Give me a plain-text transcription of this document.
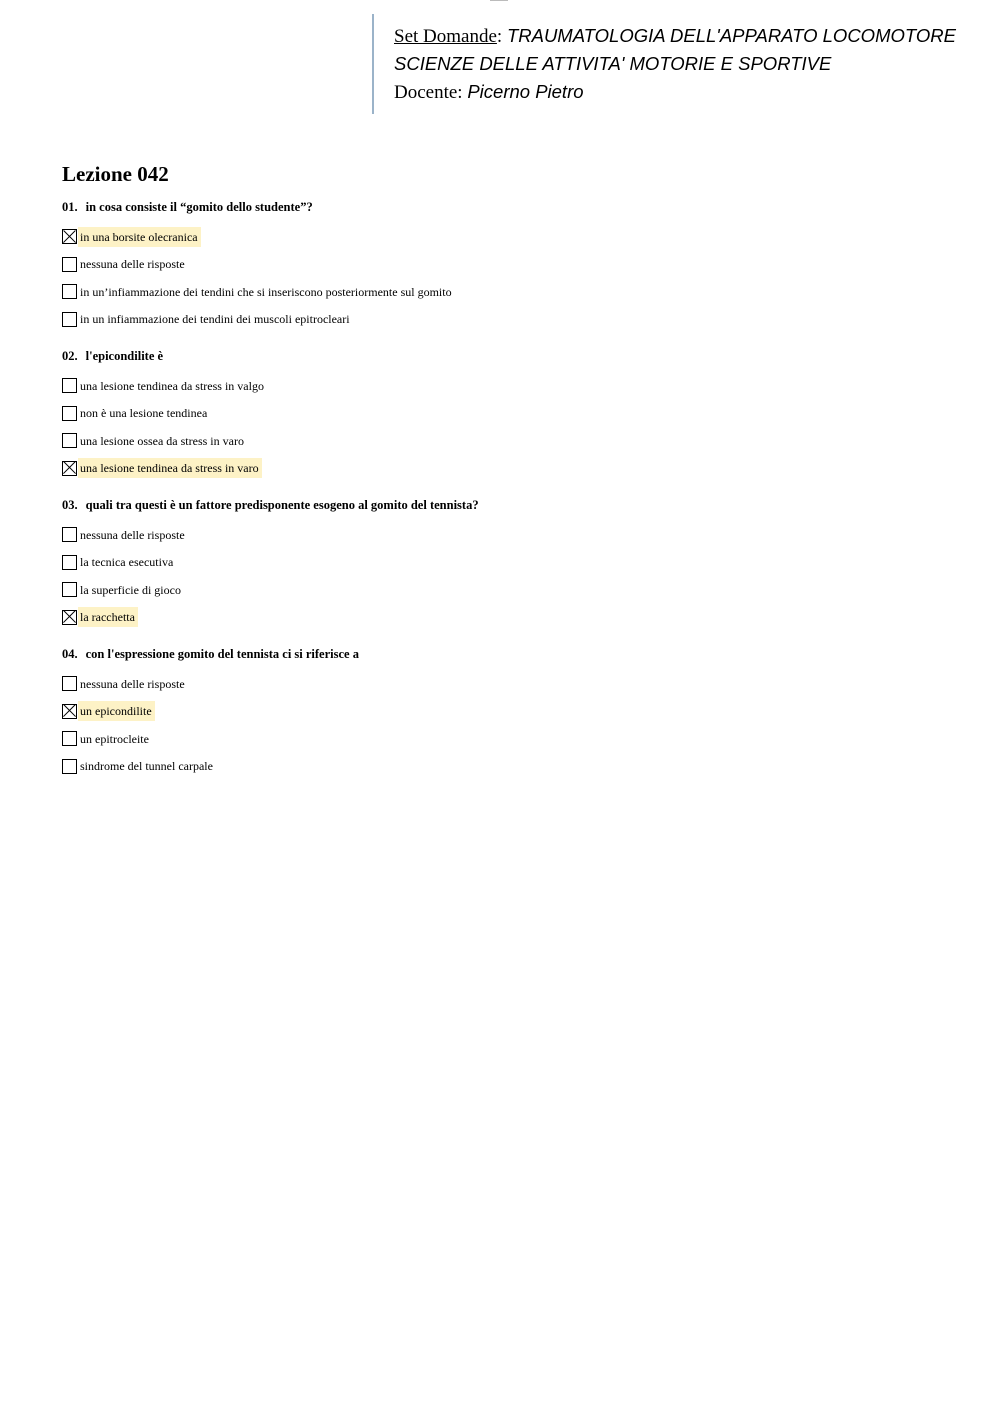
Set Domande: TRAUMATOLOGIA DELL'APPARATO LOCOMOTORE
SCIENZE DELLE ATTIVITA' MOTORIE E SPORTIVE
Docente: Picerno Pietro
Lezione 042
01. in cosa consiste il “gomito dello studente”?
in una borsite olecranica
nessuna delle risposte
in un’infiammazione dei tendini che si inseriscono posteriormente sul gomito
in un infiammazione dei tendini dei muscoli epitrocleari
02. l'epicondilite è
una lesione tendinea da stress in valgo
non è una lesione tendinea
una lesione ossea da stress in varo
una lesione tendinea da stress in varo
03. quali tra questi è un fattore predisponente esogeno al gomito del tennista?
nessuna delle risposte
la tecnica esecutiva
la superficie di gioco
la racchetta
04. con l'espressione gomito del tennista ci si riferisce a
nessuna delle risposte
un epicondilite
un epitrocleite
sindrome del tunnel carpale
